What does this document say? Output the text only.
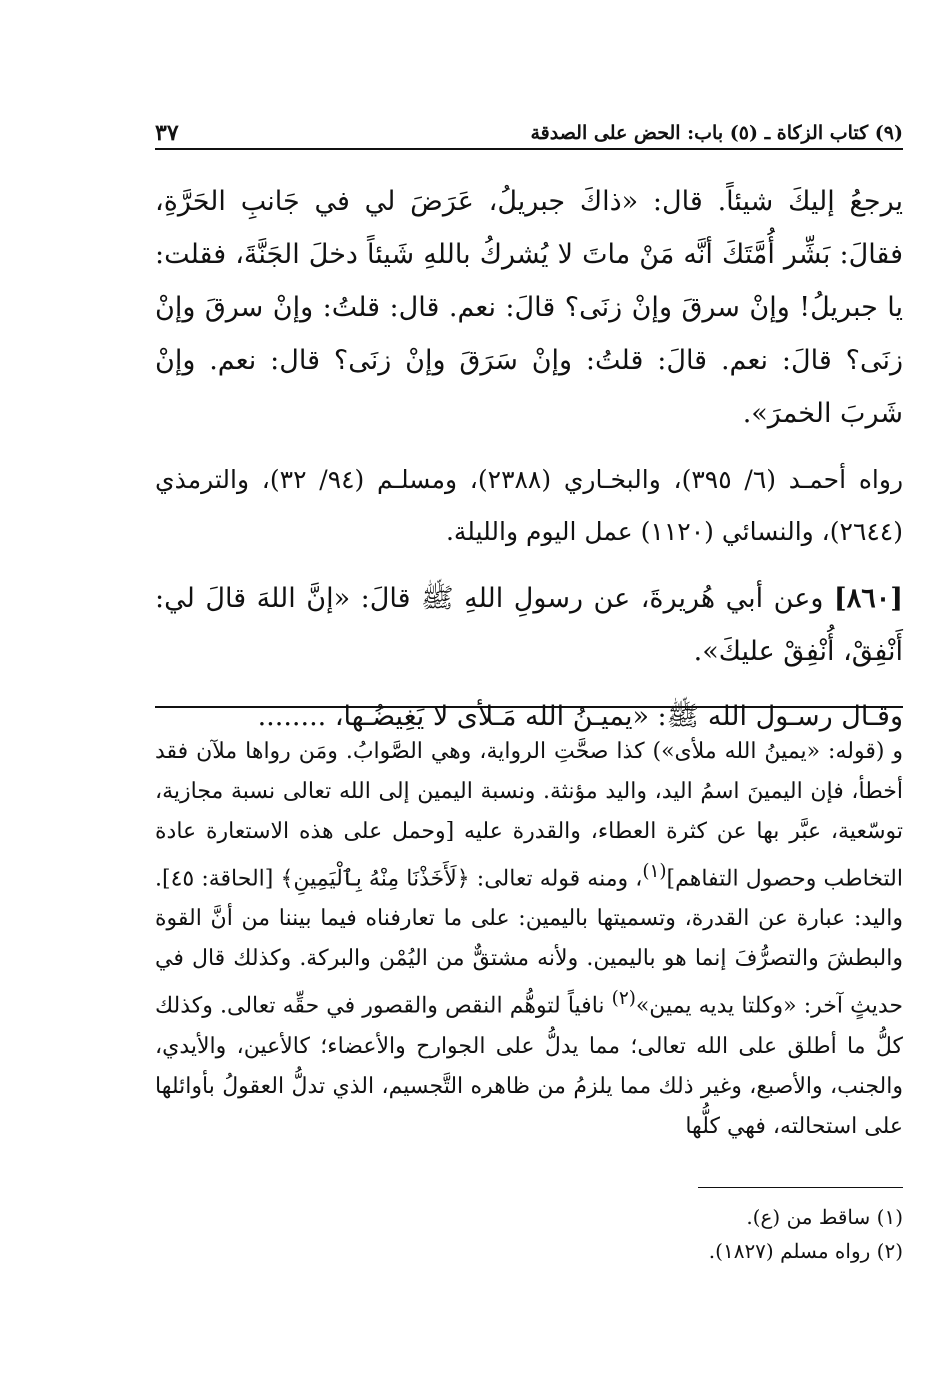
(٩) كتاب الزكاة ـ (٥) باب: الحض على الصدقة
٣٧

يرجعُ إليكَ شيئاً. قال: «ذاكَ جبريلُ، عَرَضَ لي في جَانبِ الحَرَّةِ، فقالَ: بَشِّر أُمَّتَكَ أنَّه مَنْ ماتَ لا يُشركُ باللهِ شَيئاً دخلَ الجَنَّةَ، فقلت: يا جبريلُ! وإنْ سرقَ وإنْ زنَى؟ قالَ: نعم. قال: قلتُ: وإنْ سرقَ وإنْ زنَى؟ قالَ: نعم. قالَ: قلتُ: وإنْ سَرَقَ وإنْ زنَى؟ قال: نعم. وإنْ شَربَ الخمرَ».

رواه أحمـد (٦/ ٣٩٥)، والبخـاري (٢٣٨٨)، ومسلـم (٩٤/ ٣٢)، والترمذي (٢٦٤٤)، والنسائي (١١٢٠) عمل اليوم والليلة.

[٨٦٠] وعن أبي هُريرةَ، عن رسولِ اللهِ ﷺ قالَ: «إنَّ اللهَ قالَ لي: أَنْفِقْ، أُنْفِقْ عليكَ».

وقـال رسـول الله ﷺ: «يميـنُ الله مَـلأى لا يَغِيضُـها، ........

و (قوله: «يمينُ الله ملأى») كذا صحَّتِ الرواية، وهي الصَّوابُ. ومَن رواها ملآن فقد أخطأ، فإن اليمينَ اسمُ اليد، واليد مؤنثة. ونسبة اليمين إلى الله تعالى نسبة مجازية، توسّعية، عبَّر بها عن كثرة العطاء، والقدرة عليه [وحمل على هذه الاستعارة عادة التخاطب وحصول التفاهم]$^{(١)}$، ومنه قوله تعالى: ﴿لَأَخَذْنَا مِنْهُ بِٱلْيَمِينِ﴾ [الحاقة: ٤٥]. واليد: عبارة عن القدرة، وتسميتها باليمين: على ما تعارفناه فيما بيننا من أنَّ القوة والبطشَ والتصرُّفَ إنما هو باليمين. ولأنه مشتقٌّ من اليُمْن والبركة. وكذلك قال في حديثٍ آخر: «وكلتا يديه يمين»$^{(٢)}$ نافياً لتوهُّم النقص والقصور في حقِّه تعالى. وكذلك كلُّ ما أطلق على الله تعالى؛ مما يدلُّ على الجوارح والأعضاء؛ كالأعين، والأيدي، والجنب، والأصبع، وغير ذلك مما يلزمُ من ظاهره التَّجسيم، الذي تدلُّ العقولُ بأوائلها على استحالته، فهي كلُّها

(١) ساقط من (ع).

(٢) رواه مسلم (١٨٢٧).
